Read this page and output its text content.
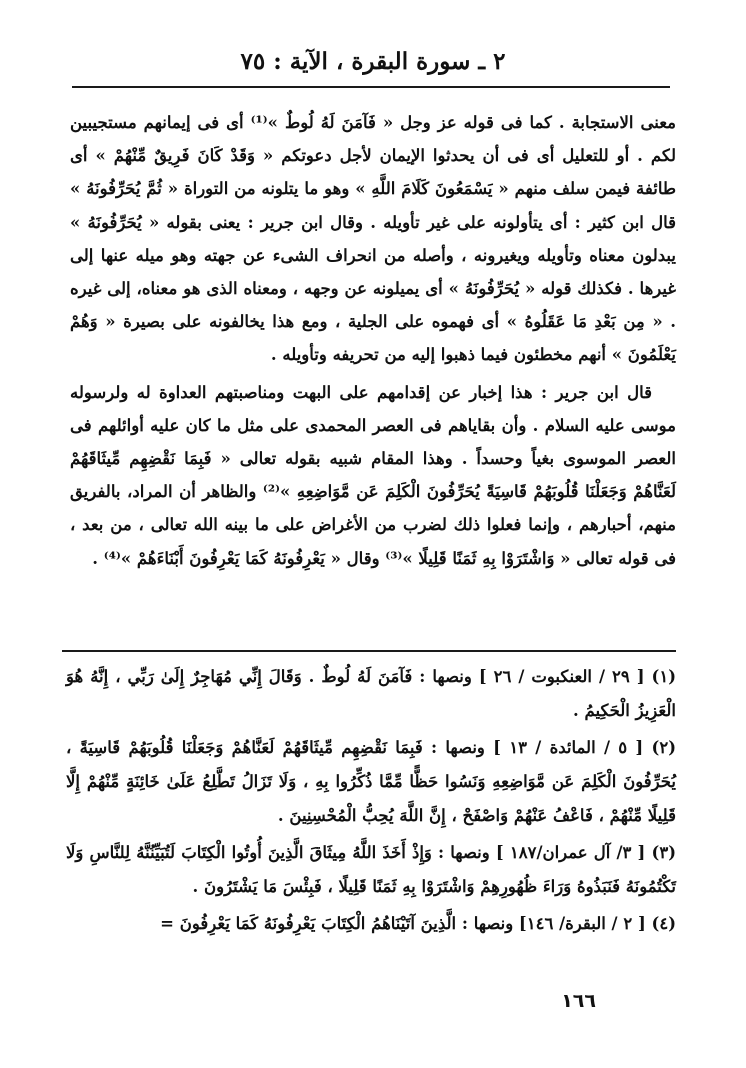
٢ ـ سورة البقرة ، الآية : ٧٥

معنى الاستجابة . كما فى قوله عز وجل « فَآمَنَ لَهُ لُوطٌ »⁽¹⁾ أى فى إيمانهم مستجيبين لكم . أو للتعليل أى فى أن يحدثوا الإيمان لأجل دعوتكم « وَقَدْ كَانَ فَرِيقٌ مِّنْهُمْ » أى طائفة فيمن سلف منهم « يَسْمَعُونَ كَلَامَ اللَّهِ » وهو ما يتلونه من التوراة « ثُمَّ يُحَرِّفُونَهُ » قال ابن كثير : أى يتأولونه على غير تأويله . وقال ابن جرير : يعنى بقوله « يُحَرِّفُونَهُ » يبدلون معناه وتأويله ويغيرونه ، وأصله من انحراف الشىء عن جهته وهو ميله عنها إلى غيرها . فكذلك قوله « يُحَرِّفُونَهُ » أى يميلونه عن وجهه ، ومعناه الذى هو معناه، إلى غيره . « مِن بَعْدِ مَا عَقَلُوهُ » أى فهموه على الجلية ، ومع هذا يخالفونه على بصيرة « وَهُمْ يَعْلَمُونَ » أنهم مخطئون فيما ذهبوا إليه من تحريفه وتأويله .

قال ابن جرير : هذا إخبار عن إقدامهم على البهت ومناصبتهم العداوة له ولرسوله موسى عليه السلام . وأن بقاياهم فى العصر المحمدى على مثل ما كان عليه أوائلهم فى العصر الموسوى بغياً وحسداً . وهذا المقام شبيه بقوله تعالى « فَبِمَا نَقْضِهِم مِّيثَاقَهُمْ لَعَنَّاهُمْ وَجَعَلْنَا قُلُوبَهُمْ قَاسِيَةً يُحَرِّفُونَ الْكَلِمَ عَن مَّوَاضِعِهِ »⁽²⁾ والظاهر أن المراد، بالفريق منهم، أحبارهم ، وإنما فعلوا ذلك لضرب من الأغراض على ما بينه الله تعالى ، من بعد ، فى قوله تعالى « وَاشْتَرَوْا بِهِ ثَمَنًا قَلِيلًا »⁽³⁾ وقال « يَعْرِفُونَهُ كَمَا يَعْرِفُونَ أَبْنَاءَهُمْ »⁽⁴⁾ .

(١) [ ٢٩ / العنكبوت / ٢٦ ] ونصها : فَآمَنَ لَهُ لُوطٌ . وَقَالَ إِنِّي مُهَاجِرٌ إِلَىٰ رَبِّي ، إِنَّهُ هُوَ الْعَزِيزُ الْحَكِيمُ .

(٢) [ ٥ / المائدة / ١٣ ] ونصها : فَبِمَا نَقْضِهِم مِّيثَاقَهُمْ لَعَنَّاهُمْ وَجَعَلْنَا قُلُوبَهُمْ قَاسِيَةً ، يُحَرِّفُونَ الْكَلِمَ عَن مَّوَاضِعِهِ وَنَسُوا حَظًّا مِّمَّا ذُكِّرُوا بِهِ ، وَلَا تَزَالُ تَطَّلِعُ عَلَىٰ خَائِنَةٍ مِّنْهُمْ إِلَّا قَلِيلًا مِّنْهُمْ ، فَاعْفُ عَنْهُمْ وَاصْفَحْ ، إِنَّ اللَّهَ يُحِبُّ الْمُحْسِنِينَ .

(٣) [ ٣/ آل عمران/١٨٧ ] ونصها : وَإِذْ أَخَذَ اللَّهُ مِيثَاقَ الَّذِينَ أُوتُوا الْكِتَابَ لَتُبَيِّنُنَّهُ لِلنَّاسِ وَلَا تَكْتُمُونَهُ فَنَبَذُوهُ وَرَاءَ ظُهُورِهِمْ وَاشْتَرَوْا بِهِ ثَمَنًا قَلِيلًا ، فَبِئْسَ مَا يَشْتَرُونَ .

(٤) [ ٢ / البقرة/ ١٤٦] ونصها : الَّذِينَ آتَيْنَاهُمُ الْكِتَابَ يَعْرِفُونَهُ كَمَا يَعْرِفُونَ =

١٦٦
